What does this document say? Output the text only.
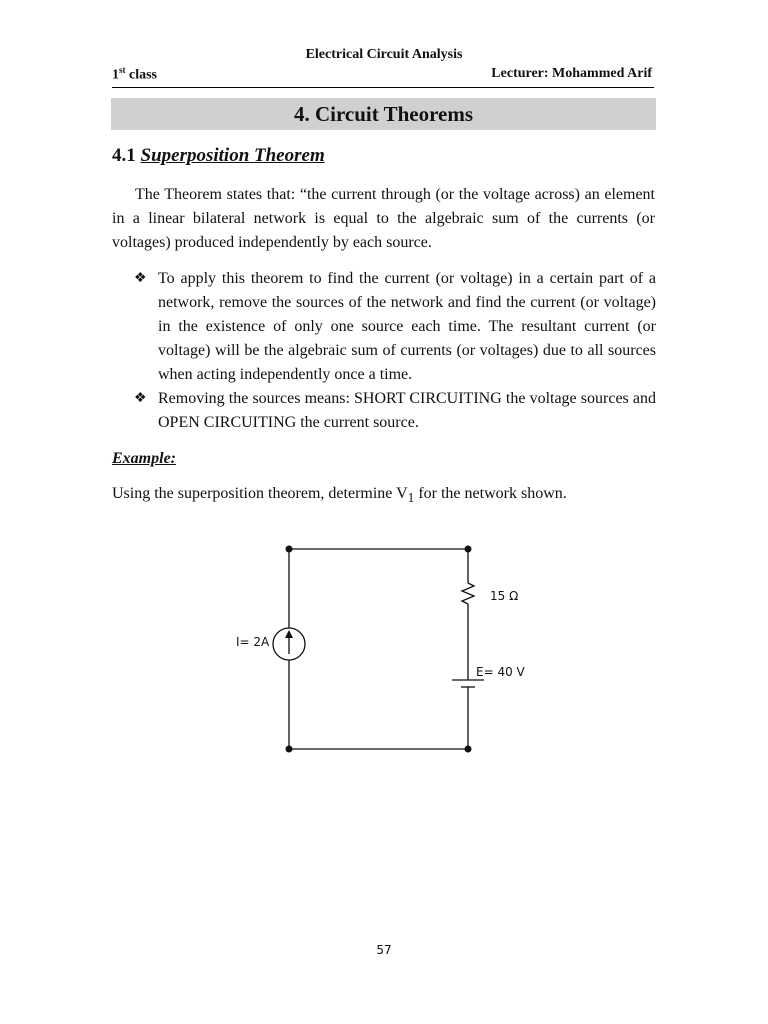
Electrical Circuit Analysis
1st class	Lecturer: Mohammed Arif
4. Circuit Theorems
4.1 Superposition Theorem
The Theorem states that: “the current through (or the voltage across) an element in a linear bilateral network is equal to the algebraic sum of the currents (or voltages) produced independently by each source.
❖ To apply this theorem to find the current (or voltage) in a certain part of a network, remove the sources of the network and find the current (or voltage) in the existence of only one source each time. The resultant current (or voltage) will be the algebraic sum of currents (or voltages) due to all sources when acting independently once a time.
❖ Removing the sources means: SHORT CIRCUITING the voltage sources and OPEN CIRCUITING the current source.
Example:
Using the superposition theorem, determine $V_1$ for the network shown.
I= 2A
15 Ω
E= 40 V
57
